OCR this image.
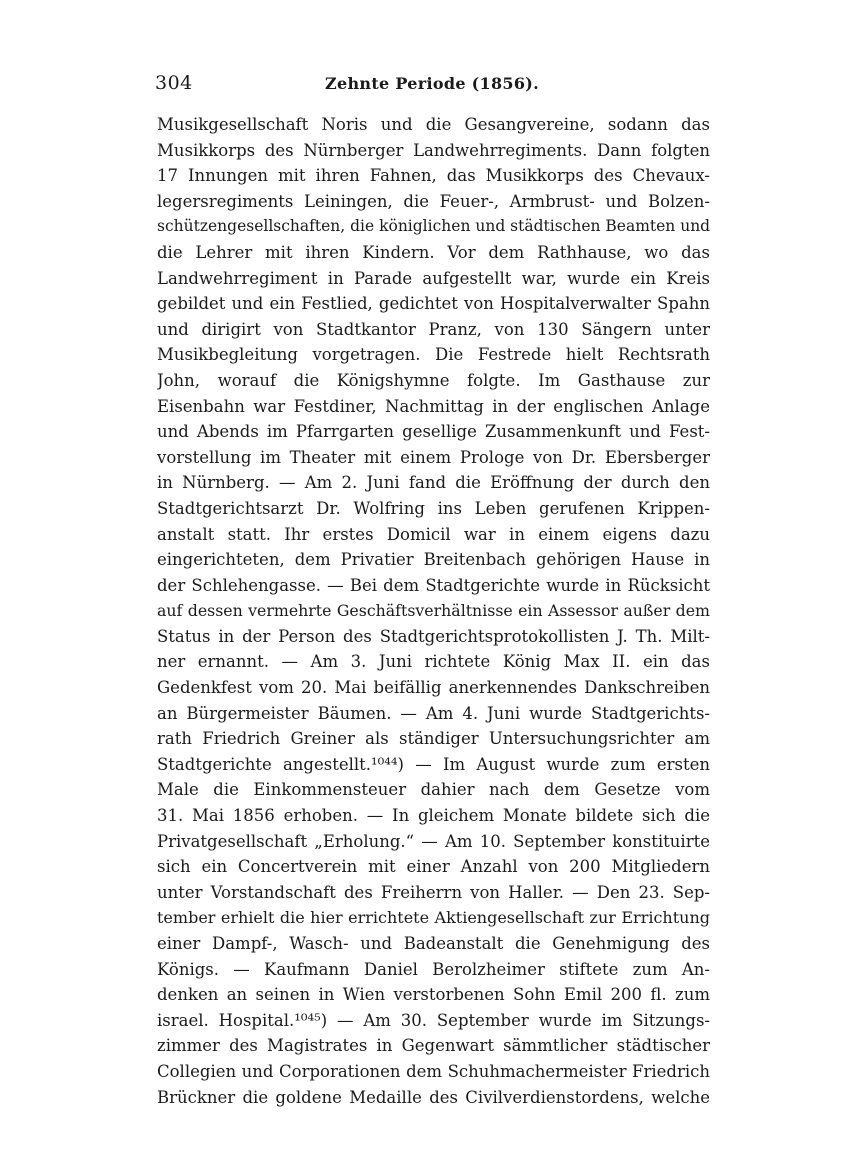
304	Zehnte Periode (1856).
Musikgesellschaft Noris und die Gesangvereine, sodann das
Musikkorps des Nürnberger Landwehrregiments. Dann folgten
17 Innungen mit ihren Fahnen, das Musikkorps des Chevaux-
legersregiments Leiningen, die Feuer-, Armbrust- und Bolzen-
schützengesellschaften, die königlichen und städtischen Beamten und
die Lehrer mit ihren Kindern. Vor dem Rathhause, wo das
Landwehrregiment in Parade aufgestellt war, wurde ein Kreis
gebildet und ein Festlied, gedichtet von Hospitalverwalter Spahn
und dirigirt von Stadtkantor Pranz, von 130 Sängern unter
Musikbegleitung vorgetragen. Die Festrede hielt Rechtsrath
John, worauf die Königshymne folgte. Im Gasthause zur
Eisenbahn war Festdiner, Nachmittag in der englischen Anlage
und Abends im Pfarrgarten gesellige Zusammenkunft und Fest-
vorstellung im Theater mit einem Prologe von Dr. Ebersberger
in Nürnberg. — Am 2. Juni fand die Eröffnung der durch den
Stadtgerichtsarzt Dr. Wolfring ins Leben gerufenen Krippen-
anstalt statt. Ihr erstes Domicil war in einem eigens dazu
eingerichteten, dem Privatier Breitenbach gehörigen Hause in
der Schlehengasse. — Bei dem Stadtgerichte wurde in Rücksicht
auf dessen vermehrte Geschäftsverhältnisse ein Assessor außer dem
Status in der Person des Stadtgerichtsprotokollisten J. Th. Milt-
ner ernannt. — Am 3. Juni richtete König Max II. ein das
Gedenkfest vom 20. Mai beifällig anerkennendes Dankschreiben
an Bürgermeister Bäumen. — Am 4. Juni wurde Stadtgerichts-
rath Friedrich Greiner als ständiger Untersuchungsrichter am
Stadtgerichte angestellt.¹⁰⁴⁴) — Im August wurde zum ersten
Male die Einkommensteuer dahier nach dem Gesetze vom
31. Mai 1856 erhoben. — In gleichem Monate bildete sich die
Privatgesellschaft „Erholung.“ — Am 10. September konstituirte
sich ein Concertverein mit einer Anzahl von 200 Mitgliedern
unter Vorstandschaft des Freiherrn von Haller. — Den 23. Sep-
tember erhielt die hier errichtete Aktiengesellschaft zur Errichtung
einer Dampf-, Wasch- und Badeanstalt die Genehmigung des
Königs. — Kaufmann Daniel Berolzheimer stiftete zum An-
denken an seinen in Wien verstorbenen Sohn Emil 200 fl. zum
israel. Hospital.¹⁰⁴⁵) — Am 30. September wurde im Sitzungs-
zimmer des Magistrates in Gegenwart sämmtlicher städtischer
Collegien und Corporationen dem Schuhmachermeister Friedrich
Brückner die goldene Medaille des Civilverdienstordens, welche
